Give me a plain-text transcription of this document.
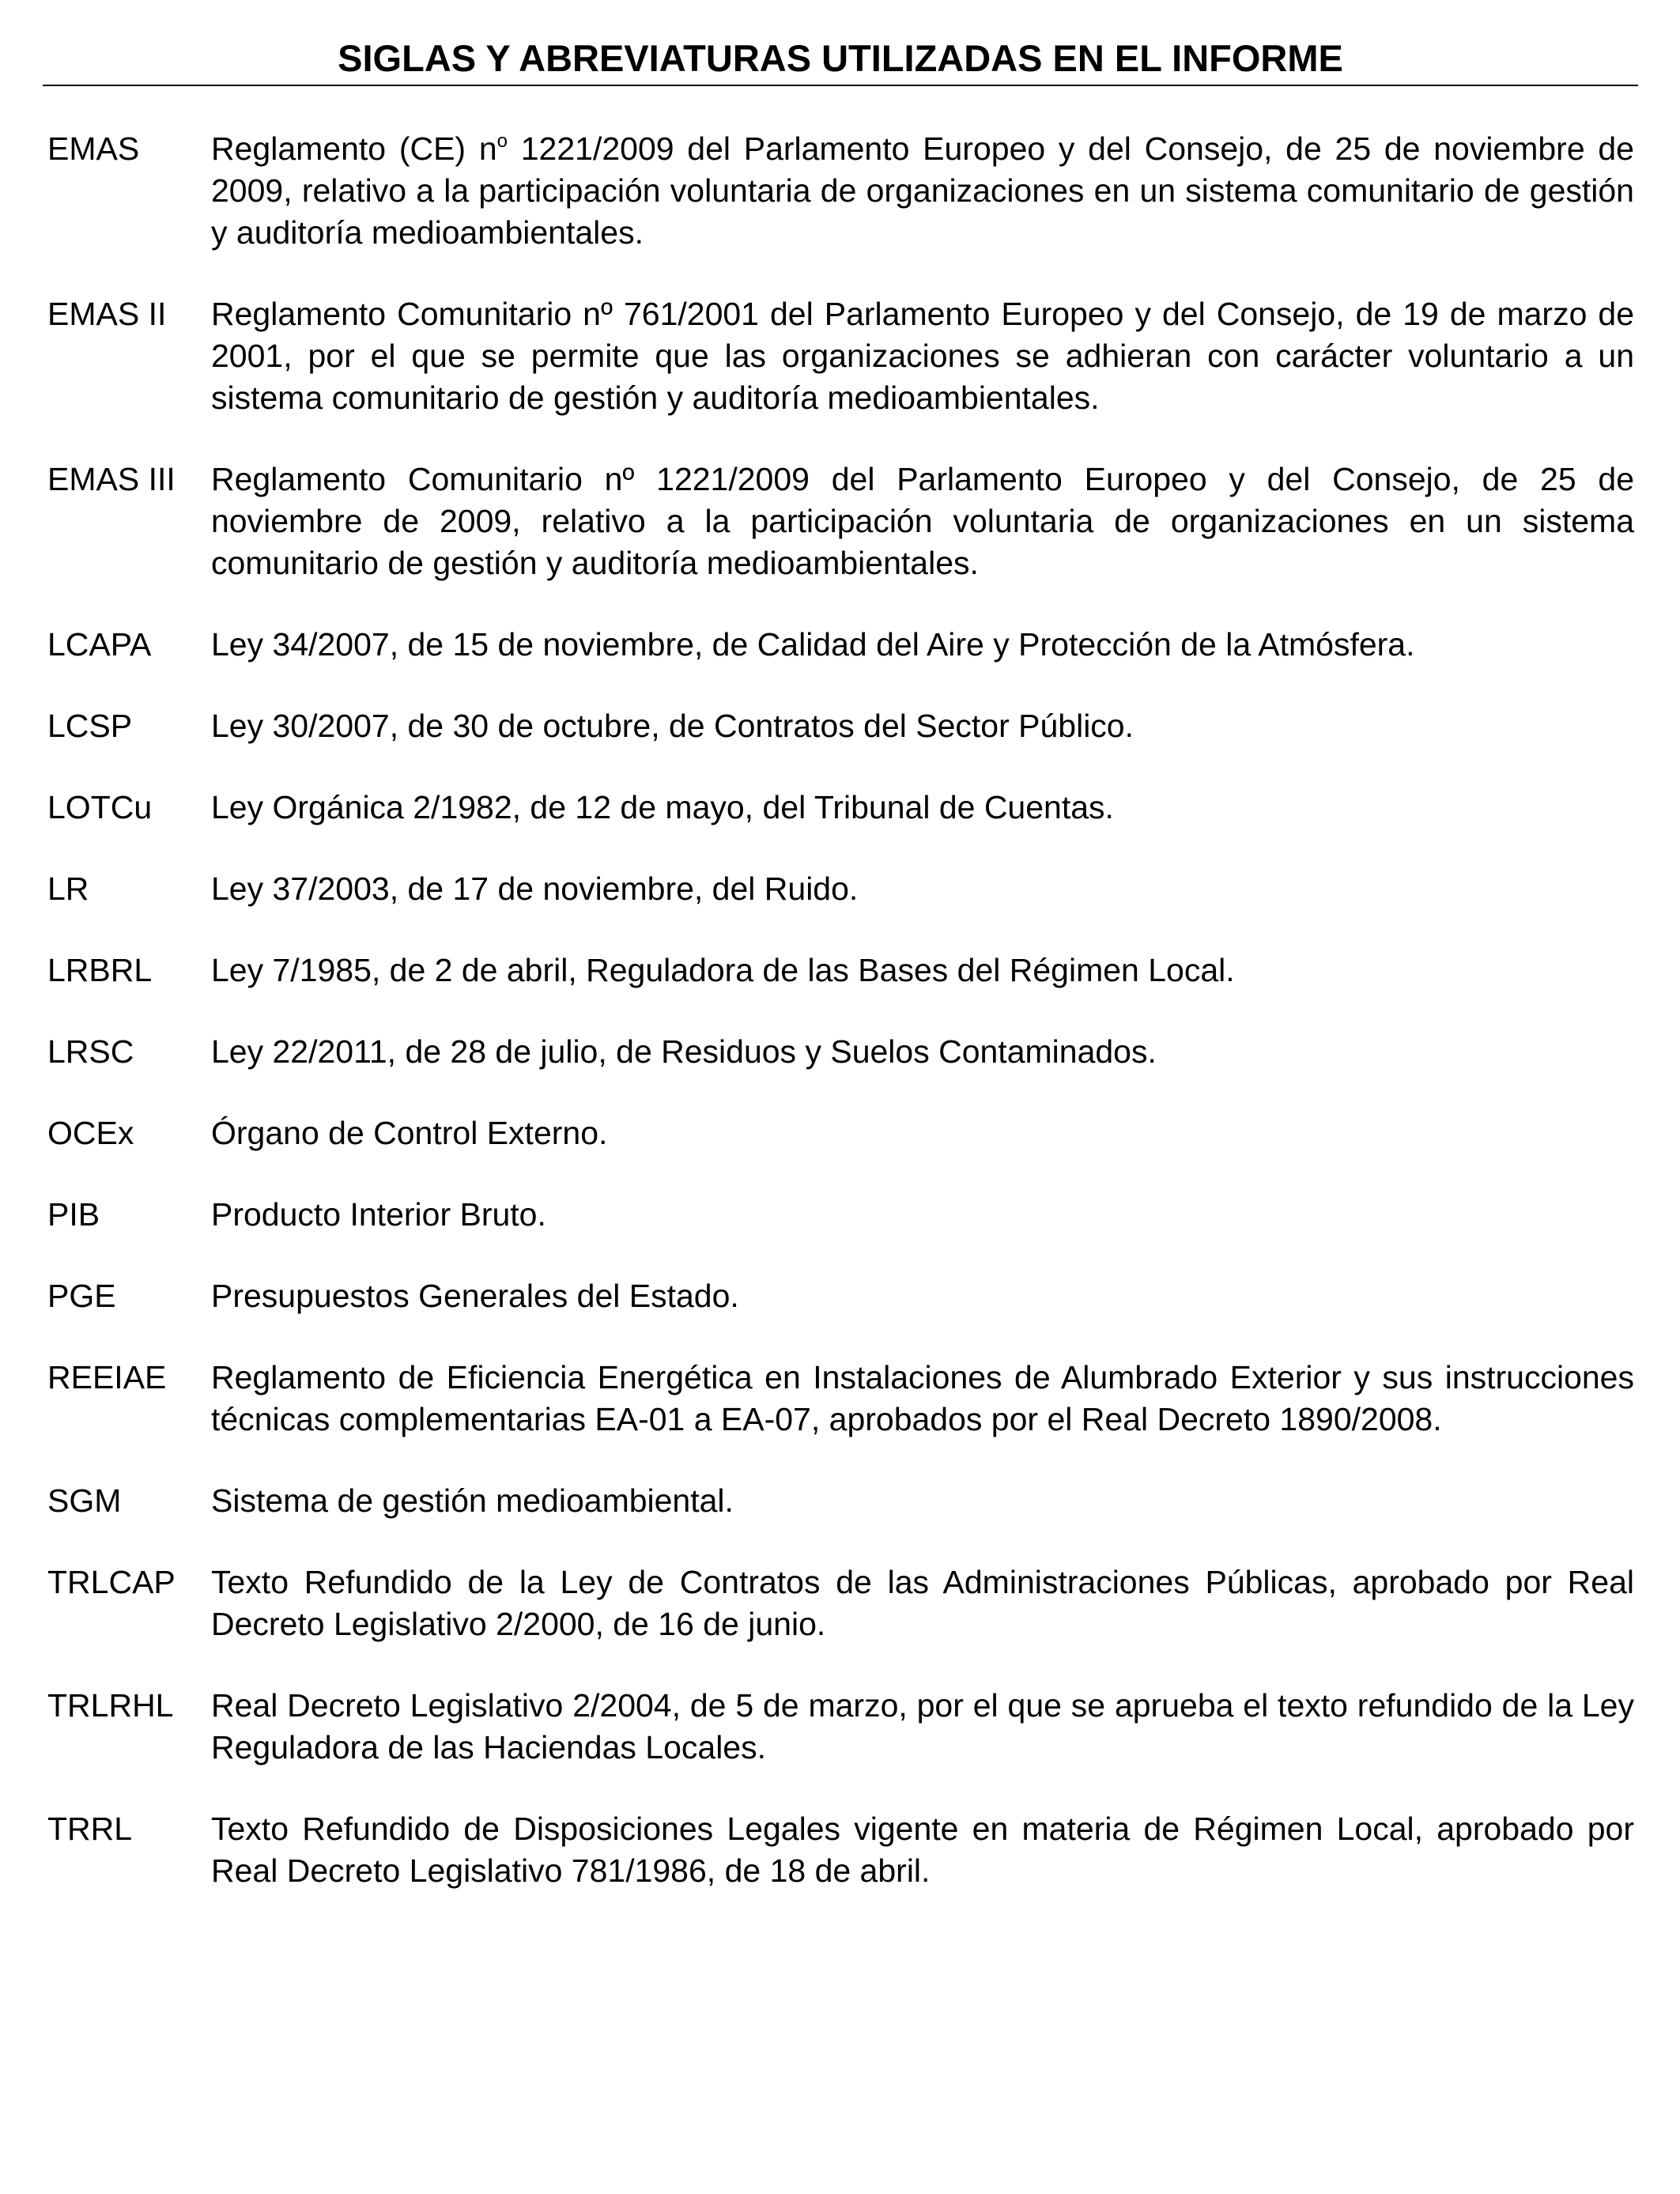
SIGLAS Y ABREVIATURAS UTILIZADAS EN EL INFORME
EMAS	Reglamento (CE) $n^o$ 1221/2009 del Parlamento Europeo y del Consejo, de 25 de noviembre de 2009, relativo a la participación voluntaria de organizaciones en un sistema comunitario de gestión y auditoría medioambientales.
EMAS II	Reglamento Comunitario nº 761/2001 del Parlamento Europeo y del Consejo, de 19 de marzo de 2001, por el que se permite que las organizaciones se adhieran con carácter voluntario a un sistema comunitario de gestión y auditoría medioambientales.
EMAS III	Reglamento Comunitario nº 1221/2009 del Parlamento Europeo y del Consejo, de 25 de noviembre de 2009, relativo a la participación voluntaria de organizaciones en un sistema comunitario de gestión y auditoría medioambientales.
LCAPA	Ley 34/2007, de 15 de noviembre, de Calidad del Aire y Protección de la Atmósfera.
LCSP	Ley 30/2007, de 30 de octubre, de Contratos del Sector Público.
LOTCu	Ley Orgánica 2/1982, de 12 de mayo, del Tribunal de Cuentas.
LR	Ley 37/2003, de 17 de noviembre, del Ruido.
LRBRL	Ley 7/1985, de 2 de abril, Reguladora de las Bases del Régimen Local.
LRSC	Ley 22/2011, de 28 de julio, de Residuos y Suelos Contaminados.
OCEx	Órgano de Control Externo.
PIB	Producto Interior Bruto.
PGE	Presupuestos Generales del Estado.
REEIAE	Reglamento de Eficiencia Energética en Instalaciones de Alumbrado Exterior y sus instrucciones técnicas complementarias EA-01 a EA-07, aprobados por el Real Decreto 1890/2008.
SGM	Sistema de gestión medioambiental.
TRLCAP	Texto Refundido de la Ley de Contratos de las Administraciones Públicas, aprobado por Real Decreto Legislativo 2/2000, de 16 de junio.
TRLRHL	Real Decreto Legislativo 2/2004, de 5 de marzo, por el que se aprueba el texto refundido de la Ley Reguladora de las Haciendas Locales.
TRRL	Texto Refundido de Disposiciones Legales vigente en materia de Régimen Local, aprobado por Real Decreto Legislativo 781/1986, de 18 de abril.
